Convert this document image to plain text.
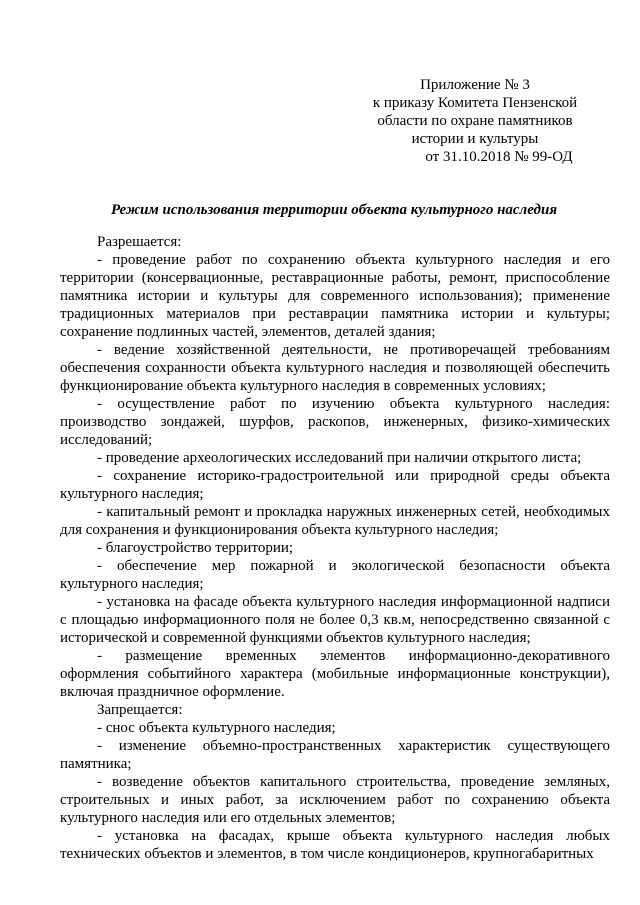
Приложение № 3
к приказу Комитета Пензенской
области по охране памятников
истории и культуры
от 31.10.2018 № 99-ОД
Режим использования территории объекта культурного наследия

Разрешается:

- проведение работ по сохранению объекта культурного наследия и его территории (консервационные, реставрационные работы, ремонт, приспособление памятника истории и культуры для современного использования); применение традиционных материалов при реставрации памятника истории и культуры; сохранение подлинных частей, элементов, деталей здания;

- ведение хозяйственной деятельности, не противоречащей требованиям обеспечения сохранности объекта культурного наследия и позволяющей обеспечить функционирование объекта культурного наследия в современных условиях;

- осуществление работ по изучению объекта культурного наследия: производство зондажей, шурфов, раскопов, инженерных, физико-химических исследований;

- проведение археологических исследований при наличии открытого листа;

- сохранение историко-градостроительной или природной среды объекта культурного наследия;

- капитальный ремонт и прокладка наружных инженерных сетей, необходимых для сохранения и функционирования объекта культурного наследия;

- благоустройство территории;

- обеспечение мер пожарной и экологической безопасности объекта культурного наследия;

- установка на фасаде объекта культурного наследия информационной надписи с площадью информационного поля не более 0,3 кв.м, непосредственно связанной с исторической и современной функциями объектов культурного наследия;

- размещение временных элементов информационно-декоративного оформления событийного характера (мобильные информационные конструкции), включая праздничное оформление.

Запрещается:

- снос объекта культурного наследия;

- изменение объемно-пространственных характеристик существующего памятника;

- возведение объектов капитального строительства, проведение земляных, строительных и иных работ, за исключением работ по сохранению объекта культурного наследия или его отдельных элементов;

- установка на фасадах, крыше объекта культурного наследия любых технических объектов и элементов, в том числе кондиционеров, крупногабаритных
